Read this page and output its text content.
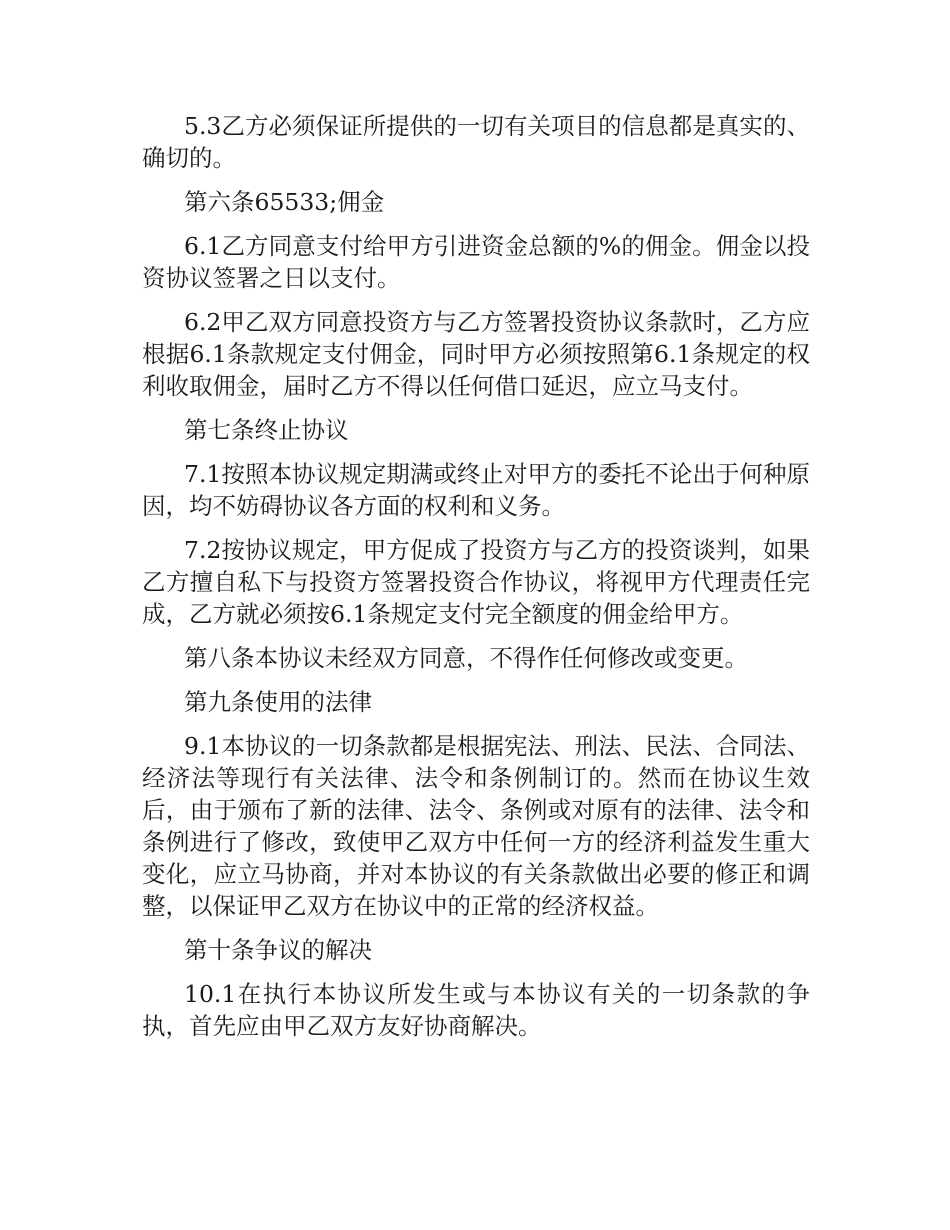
5.3乙方必须保证所提供的一切有关项目的信息都是真实的、确切的。

第六条65533;佣金

6.1乙方同意支付给甲方引进资金总额的%的佣金。佣金以投资协议签署之日以支付。

6.2甲乙双方同意投资方与乙方签署投资协议条款时，乙方应根据6.1条款规定支付佣金，同时甲方必须按照第6.1条规定的权利收取佣金，届时乙方不得以任何借口延迟，应立马支付。

第七条终止协议

7.1按照本协议规定期满或终止对甲方的委托不论出于何种原因，均不妨碍协议各方面的权利和义务。

7.2按协议规定，甲方促成了投资方与乙方的投资谈判，如果乙方擅自私下与投资方签署投资合作协议，将视甲方代理责任完成，乙方就必须按6.1条规定支付完全额度的佣金给甲方。

第八条本协议未经双方同意，不得作任何修改或变更。

第九条使用的法律

9.1本协议的一切条款都是根据宪法、刑法、民法、合同法、经济法等现行有关法律、法令和条例制订的。然而在协议生效后，由于颁布了新的法律、法令、条例或对原有的法律、法令和条例进行了修改，致使甲乙双方中任何一方的经济利益发生重大变化，应立马协商，并对本协议的有关条款做出必要的修正和调整，以保证甲乙双方在协议中的正常的经济权益。

第十条争议的解决

10.1在执行本协议所发生或与本协议有关的一切条款的争执，首先应由甲乙双方友好协商解决。
